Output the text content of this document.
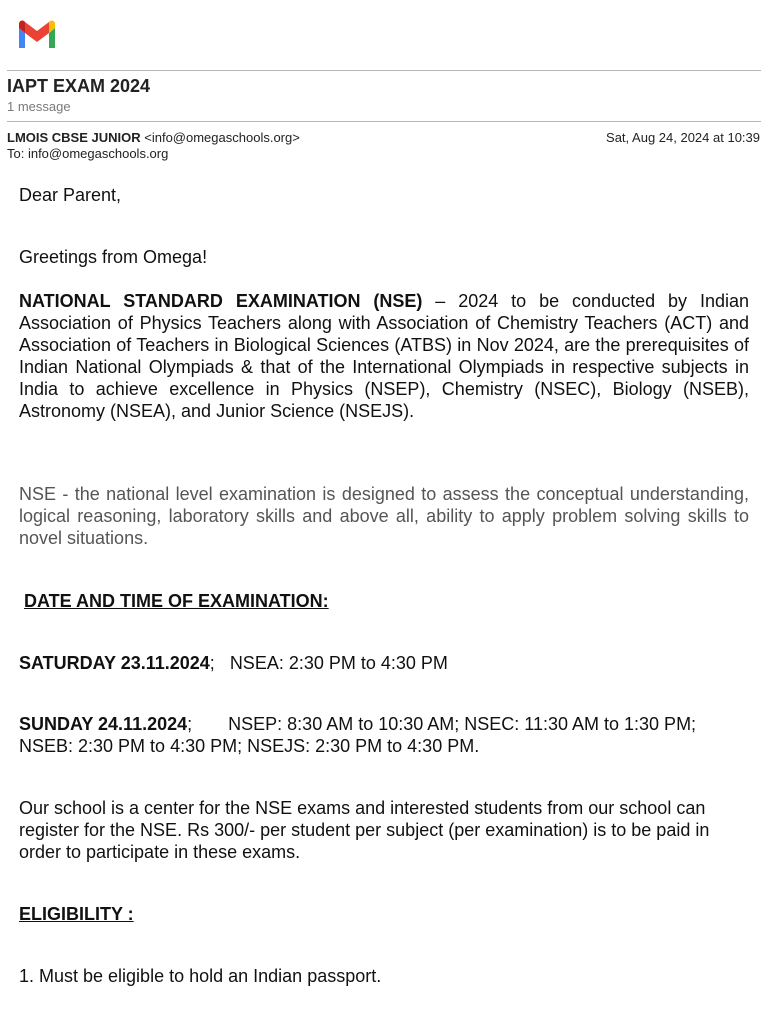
IAPT EXAM 2024
1 message
LMOIS CBSE JUNIOR <info@omegaschools.org>	Sat, Aug 24, 2024 at 10:39
To: info@omegaschools.org

Dear Parent,

Greetings from Omega!

NATIONAL STANDARD EXAMINATION (NSE) – 2024 to be conducted by Indian Association of Physics Teachers along with Association of Chemistry Teachers (ACT) and Association of Teachers in Biological Sciences (ATBS) in Nov 2024, are the prerequisites of Indian National Olympiads & that of the International Olympiads in respective subjects in India to achieve excellence in Physics (NSEP), Chemistry (NSEC), Biology (NSEB), Astronomy (NSEA), and Junior Science (NSEJS).

NSE - the national level examination is designed to assess the conceptual understanding, logical reasoning, laboratory skills and above all, ability to apply problem solving skills to novel situations.

DATE AND TIME OF EXAMINATION:

SATURDAY 23.11.2024; NSEA: 2:30 PM to 4:30 PM

SUNDAY 24.11.2024; NSEP: 8:30 AM to 10:30 AM; NSEC: 11:30 AM to 1:30 PM; NSEB: 2:30 PM to 4:30 PM; NSEJS: 2:30 PM to 4:30 PM.

Our school is a center for the NSE exams and interested students from our school can register for the NSE. Rs 300/- per student per subject (per examination) is to be paid in order to participate in these exams.

ELIGIBILITY :

1. Must be eligible to hold an Indian passport.
